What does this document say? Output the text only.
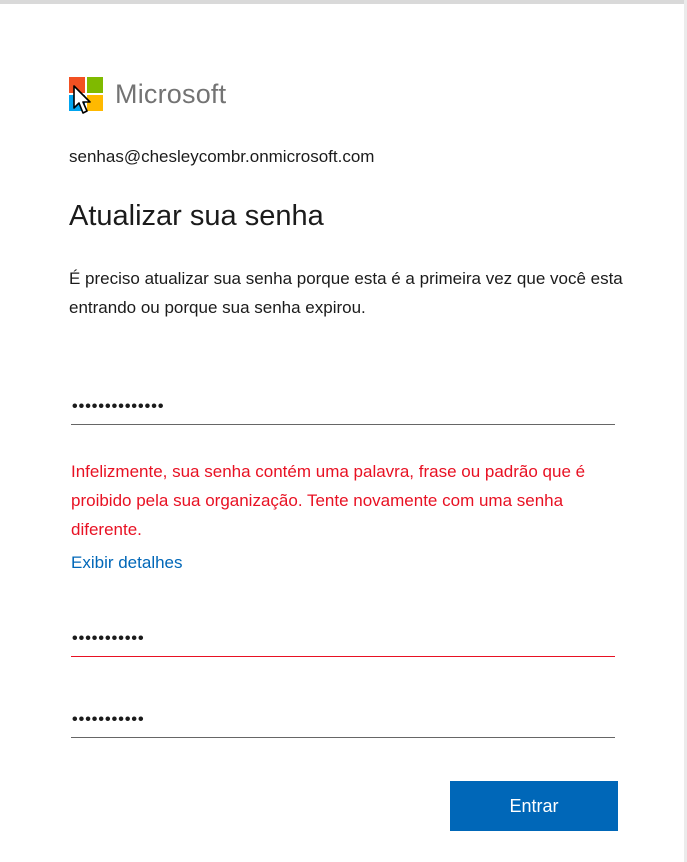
Microsoft
senhas@chesleycombr.onmicrosoft.com
Atualizar sua senha
É preciso atualizar sua senha porque esta é a primeira vez que você esta entrando ou porque sua senha expirou.
••••••••••••••
Infelizmente, sua senha contém uma palavra, frase ou padrão que é proibido pela sua organização. Tente novamente com uma senha diferente.
Exibir detalhes
•••••••••••
•••••••••••
Entrar
